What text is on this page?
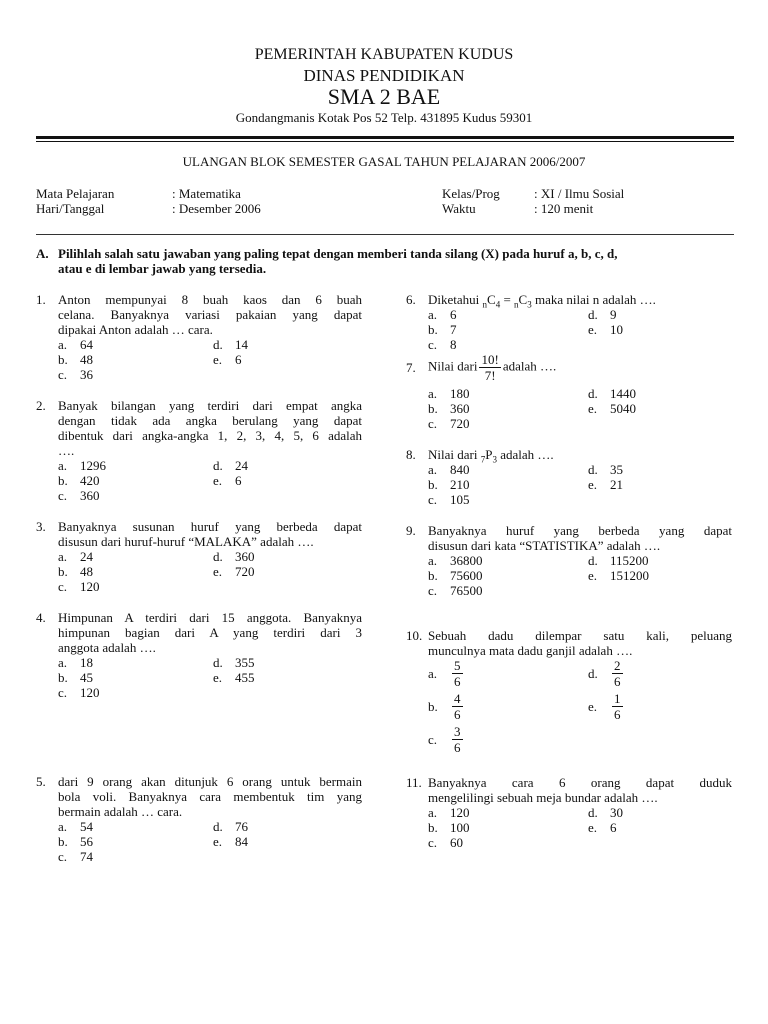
PEMERINTAH KABUPATEN KUDUS
DINAS PENDIDIKAN
SMA 2 BAE
Gondangmanis Kotak Pos 52 Telp. 431895 Kudus 59301
ULANGAN BLOK SEMESTER GASAL TAHUN PELAJARAN 2006/2007
Mata Pelajaran	: Matematika
Hari/Tanggal	: Desember 2006
Kelas/Prog	: XI / Ilmu Sosial
Waktu	: 120 menit
A. Pilihlah salah satu jawaban yang paling tepat dengan memberi tanda silang (X) pada huruf a, b, c, d,
atau e di lembar jawab yang tersedia.
1. Anton mempunyai 8 buah kaos dan 6 buah
celana. Banyaknya variasi pakaian yang dapat
dipakai Anton adalah … cara.
a. 64
b. 48
c. 36
d. 14
e. 6
2. Banyak bilangan yang terdiri dari empat angka
dengan tidak ada angka berulang yang dapat
dibentuk dari angka-angka 1, 2, 3, 4, 5, 6 adalah
….
a. 1296
b. 420
c. 360
d. 24
e. 6
3. Banyaknya susunan huruf yang berbeda dapat
disusun dari huruf-huruf “MALAKA” adalah ….
a. 24
b. 48
c. 120
d. 360
e. 720
4. Himpunan A terdiri dari 15 anggota. Banyaknya
himpunan bagian dari A yang terdiri dari 3
anggota adalah ….
a. 18
b. 45
c. 120
d. 355
e. 455
5. dari 9 orang akan ditunjuk 6 orang untuk bermain
bola voli. Banyaknya cara membentuk tim yang
bermain adalah … cara.
a. 54
b. 56
c. 74
d. 76
e. 84
6. Diketahui $_nC_4 = _nC_3$ maka nilai n adalah ….
a. 6
b. 7
c. 8
d. 9
e. 10
7. Nilai dari $\frac{10!}{7!}$ adalah ….
a. 180
b. 360
c. 720
d. 1440
e. 5040
8. Nilai dari $_7P_3$ adalah ….
a. 840
b. 210
c. 105
d. 35
e. 21
9. Banyaknya huruf yang berbeda yang dapat
disusun dari kata “STATISTIKA” adalah ….
a. 36800
b. 75600
c. 76500
d. 115200
e. 151200
10. Sebuah dadu dilempar satu kali, peluang
munculnya mata dadu ganjil adalah ….
a. $\frac{5}{6}$
b. $\frac{4}{6}$
c. $\frac{3}{6}$
d. $\frac{2}{6}$
e. $\frac{1}{6}$
11. Banyaknya cara 6 orang dapat duduk
mengelilingi sebuah meja bundar adalah ….
a. 120
b. 100
c. 60
d. 30
e. 6
